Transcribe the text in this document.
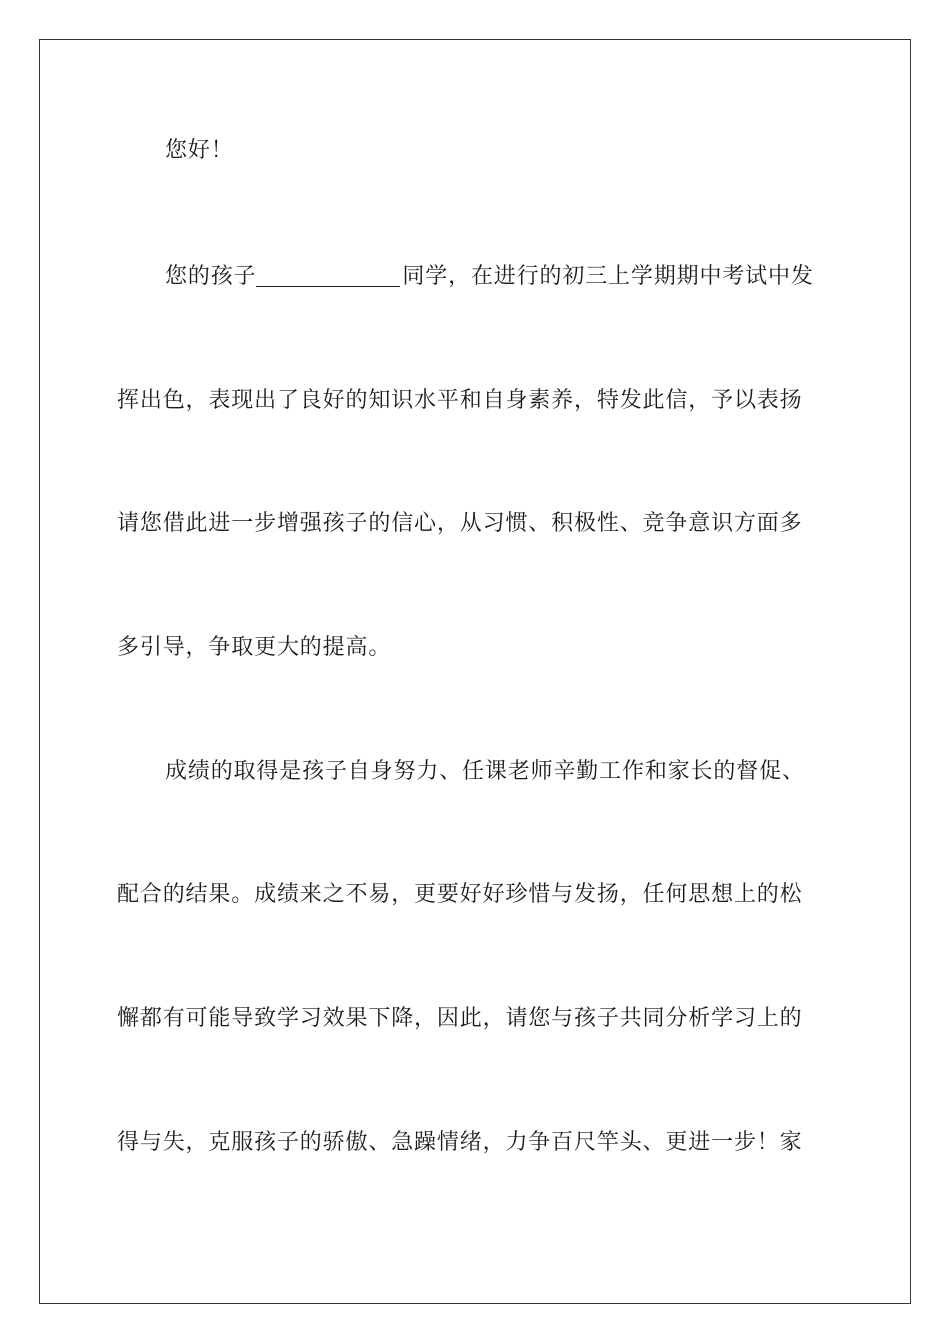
您好！
您的孩子	同学，在进行的初三上学期期中考试中发
挥出色，表现出了良好的知识水平和自身素养，特发此信，予以表扬
请您借此进一步增强孩子的信心，从习惯、积极性、竞争意识方面多
多引导，争取更大的提高。
成绩的取得是孩子自身努力、任课老师辛勤工作和家长的督促、
配合的结果。成绩来之不易，更要好好珍惜与发扬，任何思想上的松
懈都有可能导致学习效果下降，因此，请您与孩子共同分析学习上的
得与失，克服孩子的骄傲、急躁情绪，力争百尺竿头、更进一步！家
